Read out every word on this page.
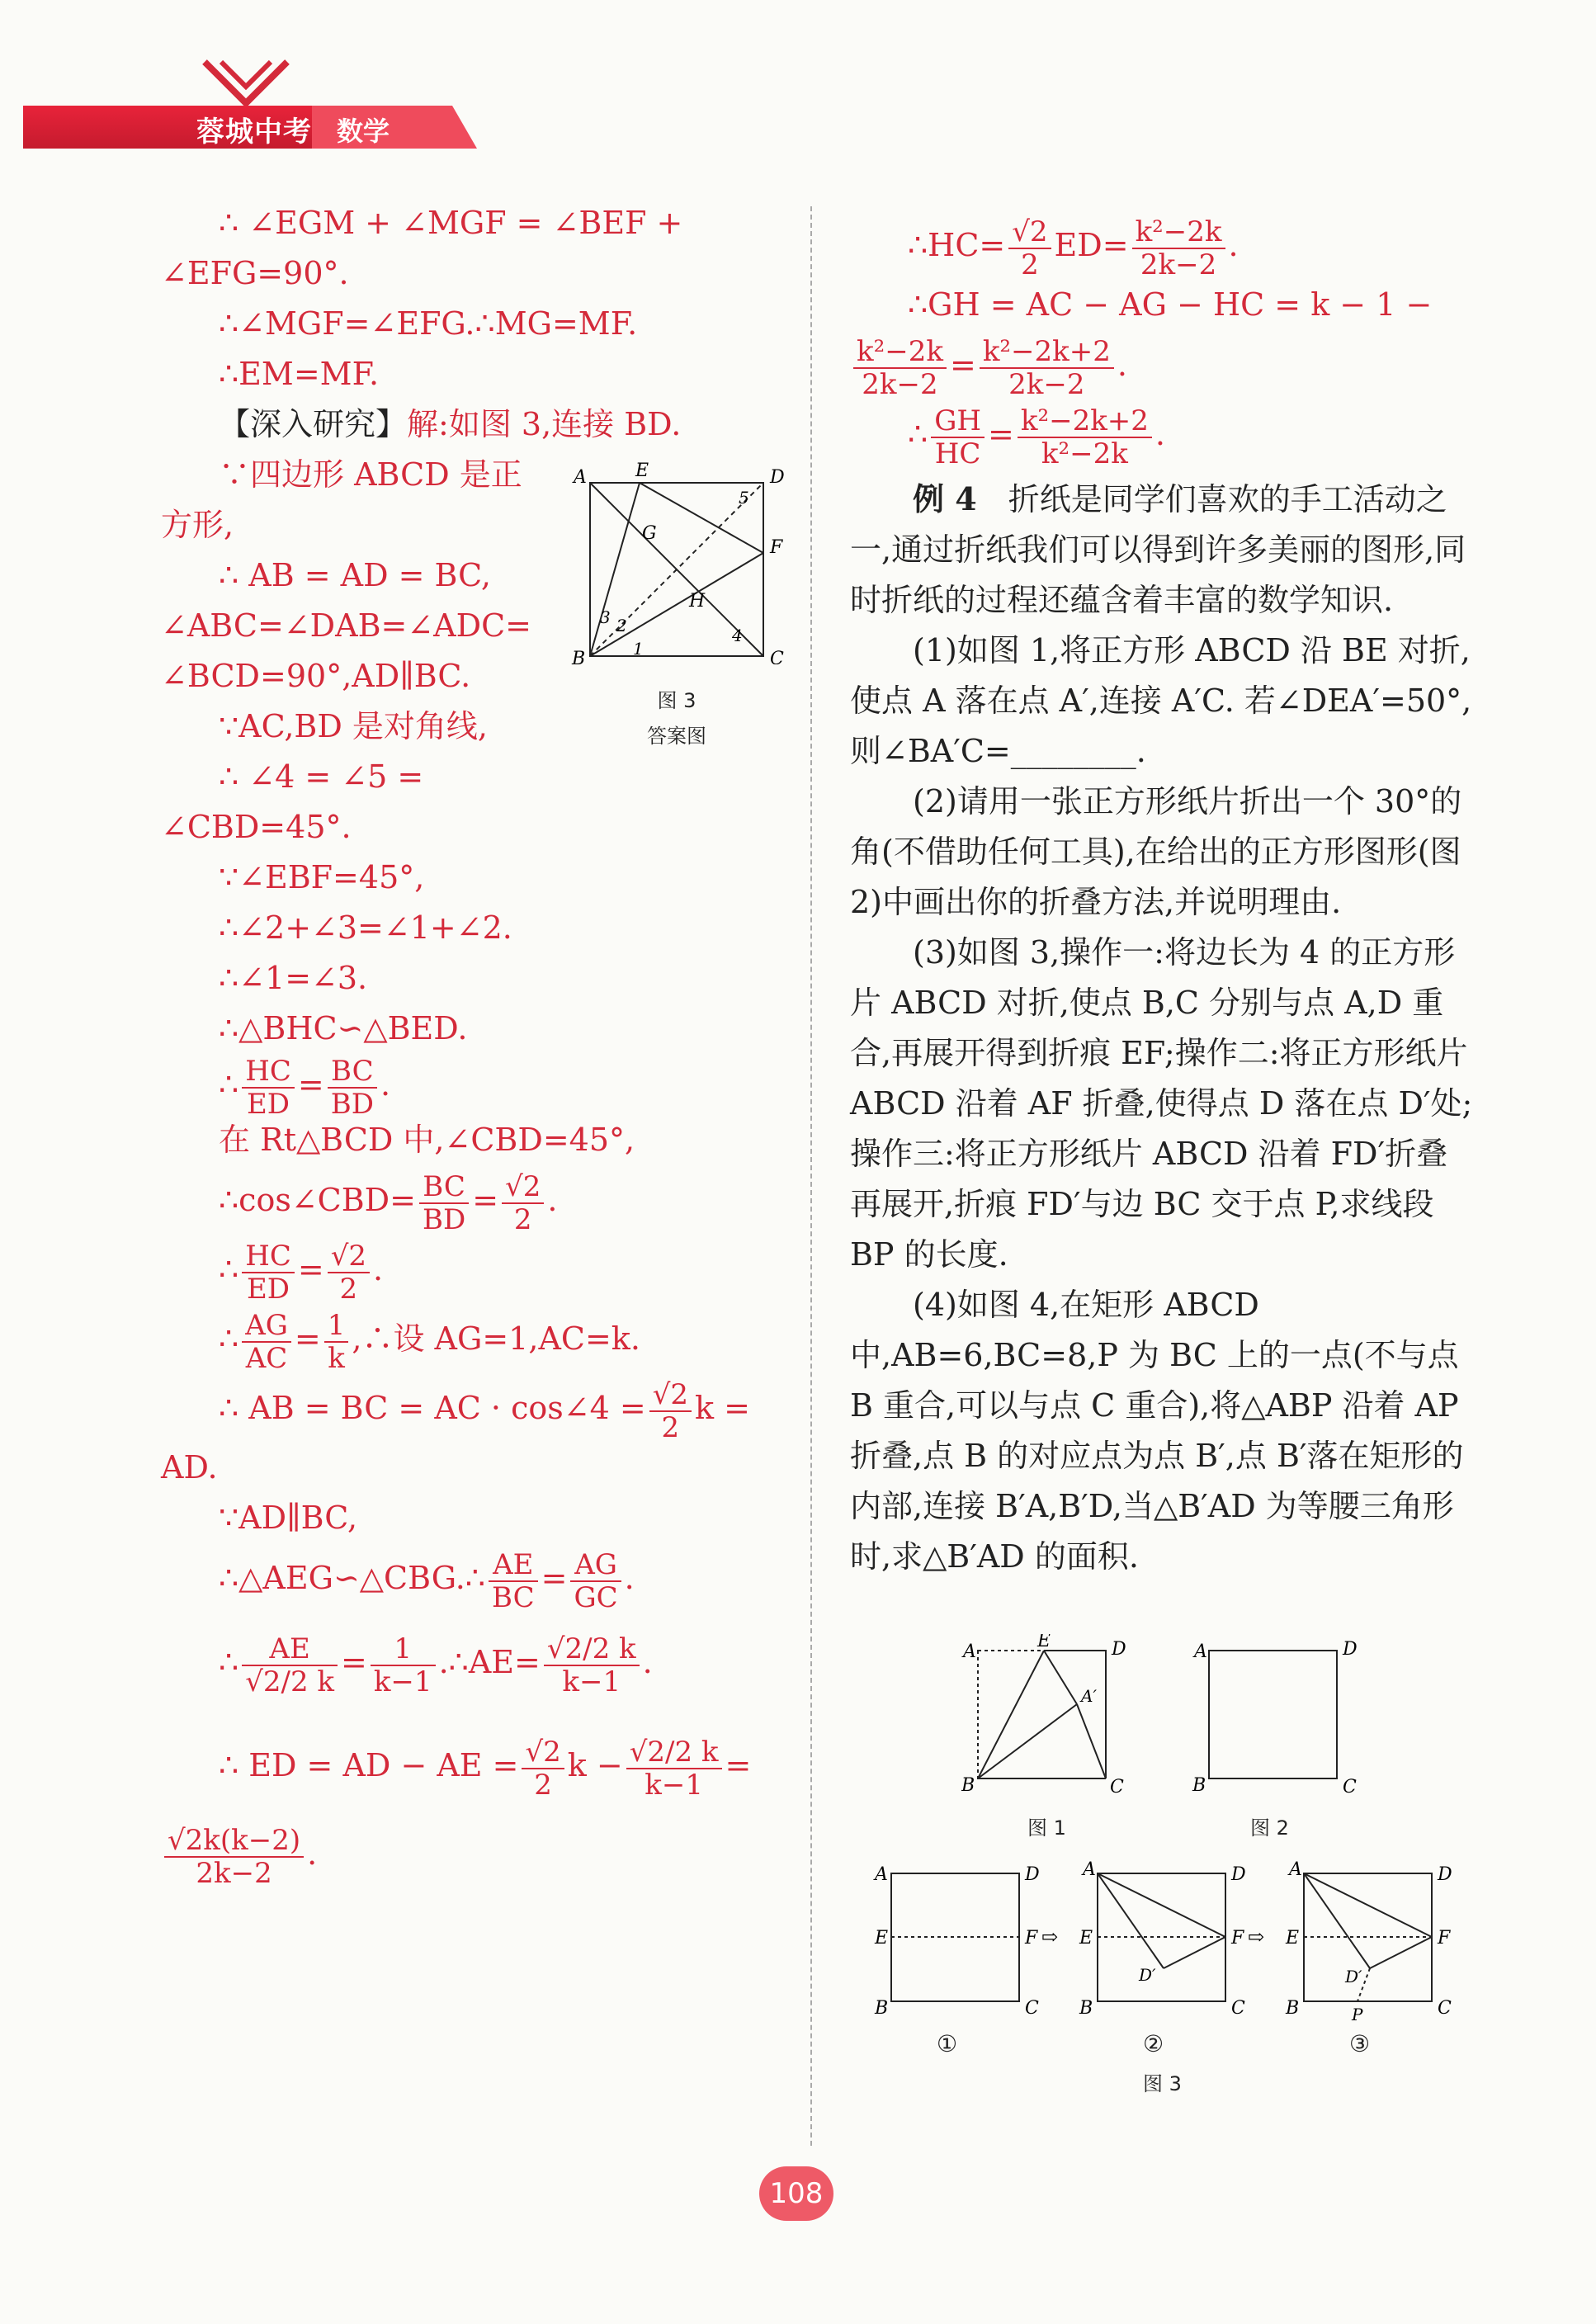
蓉城中考 数学
∴ ∠EGM + ∠MGF = ∠BEF +
∠EFG=90°.
∴∠MGF=∠EFG.∴MG=MF.
∴EM=MF.
【深入研究】解:如图 3,连接 BD.
∵四边形 ABCD 是正
方形,
∴ AB = AD = BC,
∠ABC=∠DAB=∠ADC=
∠BCD=90°,AD∥BC.
∵AC,BD 是对角线,
∴ ∠4 = ∠5 =
∠CBD=45°.
∵∠EBF=45°,
∴∠2+∠3=∠1+∠2.
∴∠1=∠3.
∴△BHC∽△BED.
∴ $\frac{HC}{ED} = \frac{BC}{BD}$ .
在 Rt△BCD 中,∠CBD=45°,
∴cos∠CBD= $\frac{BC}{BD} = \frac{√2}{2}$ .
∴ $\frac{HC}{ED} = \frac{√2}{2}$ .
∴ $\frac{AG}{AC} = \frac{1}{k}$ ,∴设 AG=1,AC=k.
∴ AB = BC = AC · cos∠4 = $\frac{√2}{2}$ k =
AD.
∵AD∥BC,
∴△AEG∽△CBG.∴ $\frac{AE}{BC} = \frac{AG}{GC}$ .
∴ $\frac{AE}{√2/2 k} = \frac{1}{k-1}$ .∴AE= $\frac{√2/2 k}{k-1}$ .
∴ ED = AD − AE = $\frac{√2}{2}$ $k - \frac{√2/2 k}{k-1}$ =
$\frac{√2k(k-2)}{2k-2}$ .
A	E	D
G
5
F
3 2
H
4
B	1	C
图 3
答案图
∴HC= $\frac{√2}{2} ED= \frac{\text{k²−2k}}{2k-2}$ .
∴GH = AC − AG − HC = k − 1 −
$\frac{\text{k²−2k}}{2k-2} = \frac{\text{k²−2k+2}}{2k-2}$ .
∴ $\frac{GH}{HC} = \frac{\text{k²−2k+2}}{\text{k²−2k}}$ .
例 4　 折纸是同学们喜欢的手工活动之一,通过折纸我们可以得到许多美丽的图形,同时折纸的过程还蕴含着丰富的数学知识.
(1)如图 1,将正方形 ABCD 沿 BE 对折,使点 A 落在点 A′,连接 A′C. 若∠DEA′=50°,则∠BA′C=________.
(2)请用一张正方形纸片折出一个 30°的角(不借助任何工具),在给出的正方形图形(图 2)中画出你的折叠方法,并说明理由.
(3)如图 3,操作一:将边长为 4 的正方形片 ABCD 对折,使点 B,C 分别与点 A,D 重合,再展开得到折痕 EF;操作二:将正方形纸片 ABCD 沿着 AF 折叠,使得点 D 落在点 D′处;操作三:将正方形纸片 ABCD 沿着 FD′折叠再展开,折痕 FD′与边 BC 交于点 P,求线段 BP 的长度.
(4)如图 4,在矩形 ABCD 中,AB=6,BC=8,P 为 BC 上的一点(不与点 B 重合,可以与点 C 重合),将△ABP 沿着 AP 折叠,点 B 的对应点为点 B′,点 B′落在矩形的内部,连接 B′A,B′D,当△B′AD 为等腰三角形时,求△B′AD 的面积.
A
E	D
A′
B	C
A	D
B	C
图 1	图 2
A	D
E	F
B	C
⇨
A	D
E	F
D′
B	C
⇨
A	D
E	F
D′
P
B	C
①	②	③
图 3
108
